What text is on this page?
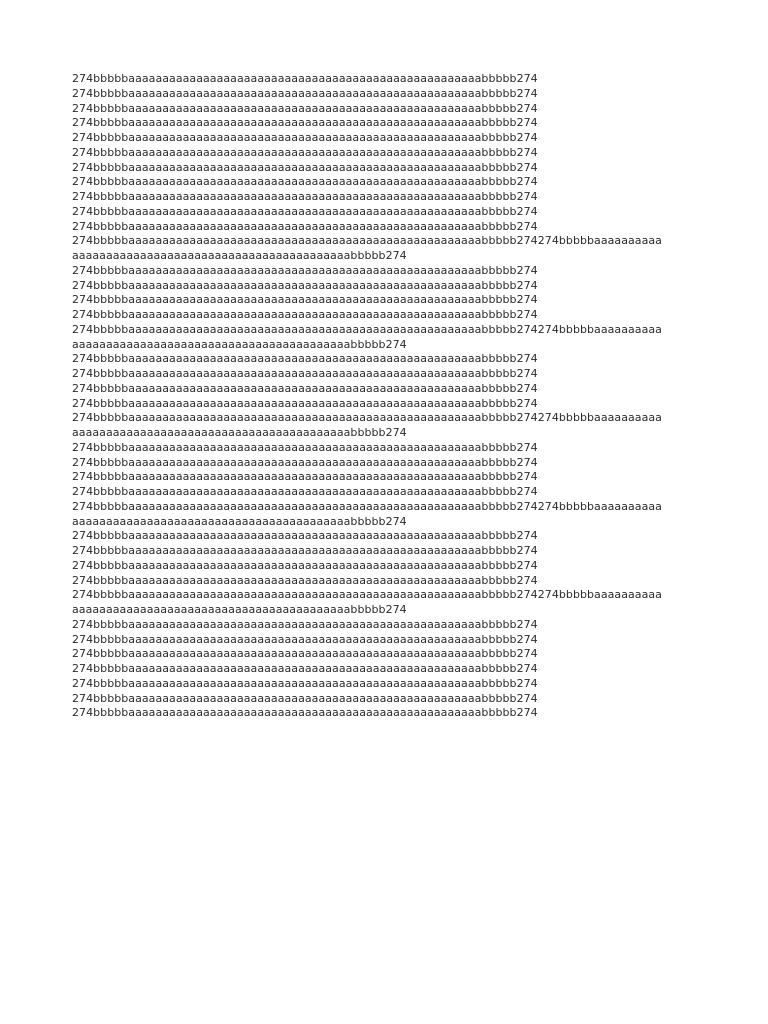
274bbbbbaaaaaaaaaaaaaaaaaaaaaaaaaaaaaaaaaaaaaaaaaaaaaaaaaaaabbbbb274
274bbbbbaaaaaaaaaaaaaaaaaaaaaaaaaaaaaaaaaaaaaaaaaaaaaaaaaaaabbbbb274
274bbbbbaaaaaaaaaaaaaaaaaaaaaaaaaaaaaaaaaaaaaaaaaaaaaaaaaaaabbbbb274
274bbbbbaaaaaaaaaaaaaaaaaaaaaaaaaaaaaaaaaaaaaaaaaaaaaaaaaaaabbbbb274
274bbbbbaaaaaaaaaaaaaaaaaaaaaaaaaaaaaaaaaaaaaaaaaaaaaaaaaaaabbbbb274
274bbbbbaaaaaaaaaaaaaaaaaaaaaaaaaaaaaaaaaaaaaaaaaaaaaaaaaaaabbbbb274
274bbbbbaaaaaaaaaaaaaaaaaaaaaaaaaaaaaaaaaaaaaaaaaaaaaaaaaaaabbbbb274
274bbbbbaaaaaaaaaaaaaaaaaaaaaaaaaaaaaaaaaaaaaaaaaaaaaaaaaaaabbbbb274
274bbbbbaaaaaaaaaaaaaaaaaaaaaaaaaaaaaaaaaaaaaaaaaaaaaaaaaaaabbbbb274
274bbbbbaaaaaaaaaaaaaaaaaaaaaaaaaaaaaaaaaaaaaaaaaaaaaaaaaaaabbbbb274
274bbbbbaaaaaaaaaaaaaaaaaaaaaaaaaaaaaaaaaaaaaaaaaaaaaaaaaaaabbbbb274
274bbbbbaaaaaaaaaaaaaaaaaaaaaaaaaaaaaaaaaaaaaaaaaaaaaaaaaaaabbbbb274274bbbbbaaaaaaaaaa
aaaaaaaaaaaaaaaaaaaaaaaaaaaaaaaaaaaaaaaaabbbbb274
274bbbbbaaaaaaaaaaaaaaaaaaaaaaaaaaaaaaaaaaaaaaaaaaaaaaaaaaaabbbbb274
274bbbbbaaaaaaaaaaaaaaaaaaaaaaaaaaaaaaaaaaaaaaaaaaaaaaaaaaaabbbbb274
274bbbbbaaaaaaaaaaaaaaaaaaaaaaaaaaaaaaaaaaaaaaaaaaaaaaaaaaaabbbbb274
274bbbbbaaaaaaaaaaaaaaaaaaaaaaaaaaaaaaaaaaaaaaaaaaaaaaaaaaaabbbbb274
274bbbbbaaaaaaaaaaaaaaaaaaaaaaaaaaaaaaaaaaaaaaaaaaaaaaaaaaaabbbbb274274bbbbbaaaaaaaaaa
aaaaaaaaaaaaaaaaaaaaaaaaaaaaaaaaaaaaaaaaabbbbb274
274bbbbbaaaaaaaaaaaaaaaaaaaaaaaaaaaaaaaaaaaaaaaaaaaaaaaaaaaabbbbb274
274bbbbbaaaaaaaaaaaaaaaaaaaaaaaaaaaaaaaaaaaaaaaaaaaaaaaaaaaabbbbb274
274bbbbbaaaaaaaaaaaaaaaaaaaaaaaaaaaaaaaaaaaaaaaaaaaaaaaaaaaabbbbb274
274bbbbbaaaaaaaaaaaaaaaaaaaaaaaaaaaaaaaaaaaaaaaaaaaaaaaaaaaabbbbb274
274bbbbbaaaaaaaaaaaaaaaaaaaaaaaaaaaaaaaaaaaaaaaaaaaaaaaaaaaabbbbb274274bbbbbaaaaaaaaaa
aaaaaaaaaaaaaaaaaaaaaaaaaaaaaaaaaaaaaaaaabbbbb274
274bbbbbaaaaaaaaaaaaaaaaaaaaaaaaaaaaaaaaaaaaaaaaaaaaaaaaaaaabbbbb274
274bbbbbaaaaaaaaaaaaaaaaaaaaaaaaaaaaaaaaaaaaaaaaaaaaaaaaaaaabbbbb274
274bbbbbaaaaaaaaaaaaaaaaaaaaaaaaaaaaaaaaaaaaaaaaaaaaaaaaaaaabbbbb274
274bbbbbaaaaaaaaaaaaaaaaaaaaaaaaaaaaaaaaaaaaaaaaaaaaaaaaaaaabbbbb274
274bbbbbaaaaaaaaaaaaaaaaaaaaaaaaaaaaaaaaaaaaaaaaaaaaaaaaaaaabbbbb274274bbbbbaaaaaaaaaa
aaaaaaaaaaaaaaaaaaaaaaaaaaaaaaaaaaaaaaaaabbbbb274
274bbbbbaaaaaaaaaaaaaaaaaaaaaaaaaaaaaaaaaaaaaaaaaaaaaaaaaaaabbbbb274
274bbbbbaaaaaaaaaaaaaaaaaaaaaaaaaaaaaaaaaaaaaaaaaaaaaaaaaaaabbbbb274
274bbbbbaaaaaaaaaaaaaaaaaaaaaaaaaaaaaaaaaaaaaaaaaaaaaaaaaaaabbbbb274
274bbbbbaaaaaaaaaaaaaaaaaaaaaaaaaaaaaaaaaaaaaaaaaaaaaaaaaaaabbbbb274
274bbbbbaaaaaaaaaaaaaaaaaaaaaaaaaaaaaaaaaaaaaaaaaaaaaaaaaaaabbbbb274274bbbbbaaaaaaaaaa
aaaaaaaaaaaaaaaaaaaaaaaaaaaaaaaaaaaaaaaaabbbbb274
274bbbbbaaaaaaaaaaaaaaaaaaaaaaaaaaaaaaaaaaaaaaaaaaaaaaaaaaaabbbbb274
274bbbbbaaaaaaaaaaaaaaaaaaaaaaaaaaaaaaaaaaaaaaaaaaaaaaaaaaaabbbbb274
274bbbbbaaaaaaaaaaaaaaaaaaaaaaaaaaaaaaaaaaaaaaaaaaaaaaaaaaaabbbbb274
274bbbbbaaaaaaaaaaaaaaaaaaaaaaaaaaaaaaaaaaaaaaaaaaaaaaaaaaaabbbbb274
274bbbbbaaaaaaaaaaaaaaaaaaaaaaaaaaaaaaaaaaaaaaaaaaaaaaaaaaaabbbbb274
274bbbbbaaaaaaaaaaaaaaaaaaaaaaaaaaaaaaaaaaaaaaaaaaaaaaaaaaaabbbbb274
274bbbbbaaaaaaaaaaaaaaaaaaaaaaaaaaaaaaaaaaaaaaaaaaaaaaaaaaaabbbbb274
